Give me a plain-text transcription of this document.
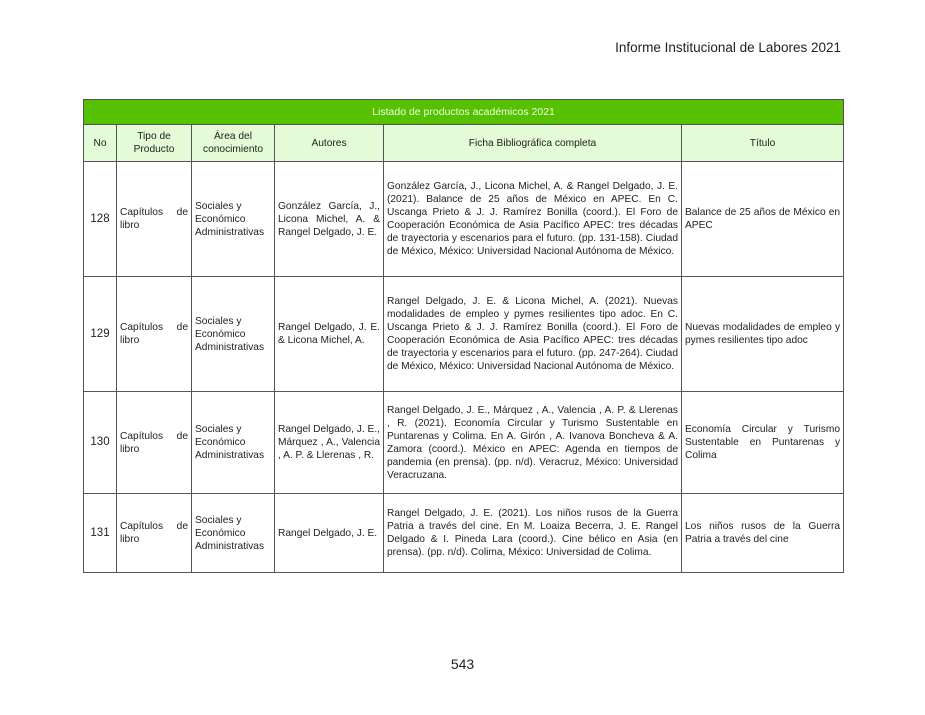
Informe Institucional de Labores 2021
Listado de productos académicos 2021					
No	Tipo de Producto	Área del conocimiento	Autores	Ficha Bibliográfica completa	Título
128	Capítulos de libro	Sociales y Económico Administrativas	González García, J., Licona Michel, A. & Rangel Delgado, J. E.	González García, J., Licona Michel, A. & Rangel Delgado, J. E. (2021). Balance de 25 años de México en APEC. En C. Uscanga Prieto & J. J. Ramírez Bonilla (coord.). El Foro de Cooperación Económica de Asia Pacífico APEC: tres décadas de trayectoria y escenarios para el futuro. (pp. 131-158). Ciudad de México, México: Universidad Nacional Autónoma de México.	Balance de 25 años de México en APEC
129	Capítulos de libro	Sociales y Económico Administrativas	Rangel Delgado, J. E. & Licona Michel, A.	Rangel Delgado, J. E. & Licona Michel, A. (2021). Nuevas modalidades de empleo y pymes resilientes tipo adoc. En C. Uscanga Prieto & J. J. Ramírez Bonilla (coord.). El Foro de Cooperación Económica de Asia Pacífico APEC: tres décadas de trayectoria y escenarios para el futuro. (pp. 247-264). Ciudad de México, México: Universidad Nacional Autónoma de México.	Nuevas modalidades de empleo y pymes resilientes tipo adoc
130	Capítulos de libro	Sociales y Económico Administrativas	Rangel Delgado, J. E., Márquez , A., Valencia , A. P. & Llerenas , R.	Rangel Delgado, J. E., Márquez , A., Valencia , A. P. & Llerenas , R. (2021). Economía Circular y Turismo Sustentable en Puntarenas y Colima. En A. Girón , A. Ivanova Boncheva & A. Zamora (coord.). México en APEC: Agenda en tiempos de pandemia (en prensa). (pp. n/d). Veracruz, México: Universidad Veracruzana.	Economía Circular y Turismo Sustentable en Puntarenas y Colima
131	Capítulos de libro	Sociales y Económico Administrativas	Rangel Delgado, J. E.	Rangel Delgado, J. E. (2021). Los niños rusos de la Guerra Patria a través del cine. En M. Loaiza Becerra, J. E. Rangel Delgado & I. Pineda Lara (coord.). Cine bélico en Asia (en prensa). (pp. n/d). Colima, México: Universidad de Colima.	Los niños rusos de la Guerra Patria a través del cine
543
